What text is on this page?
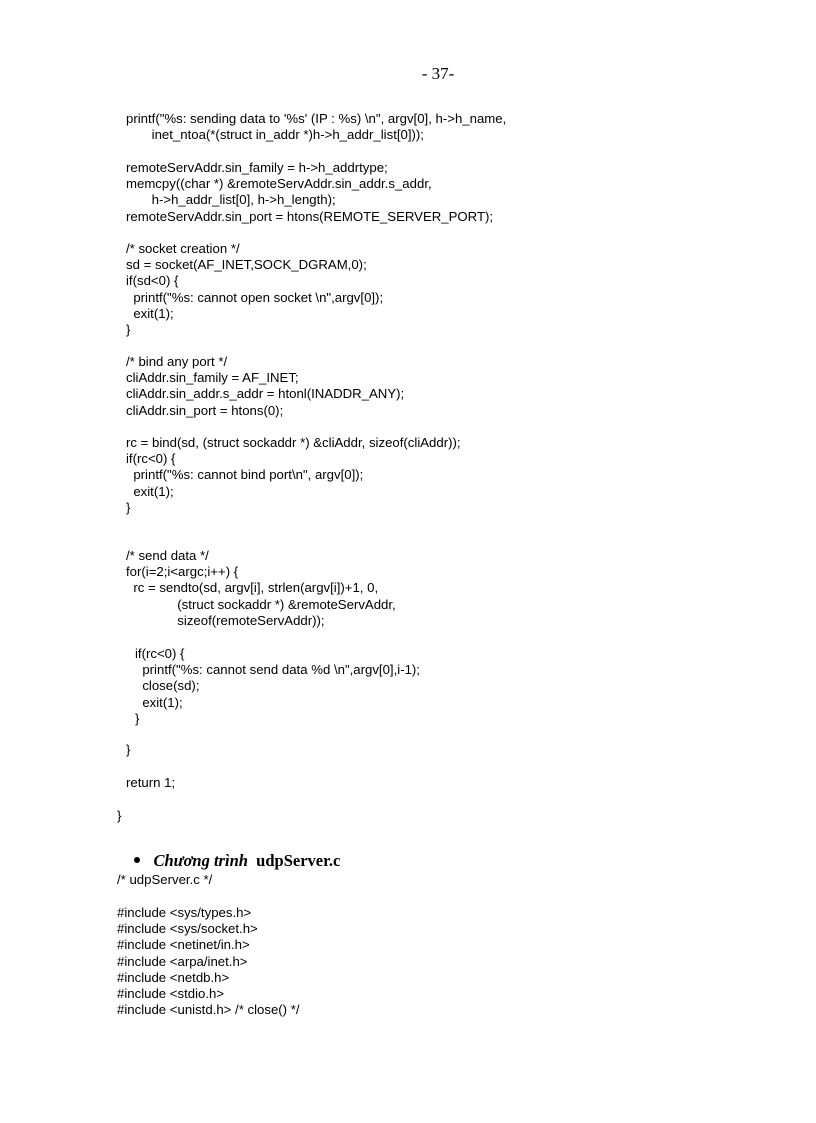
- 37-
printf("%s: sending data to '%s' (IP : %s) \n", argv[0], h->h_name,
inet_ntoa(*(struct in_addr *)h->h_addr_list[0]));
remoteServAddr.sin_family = h->h_addrtype;
memcpy((char *) &remoteServAddr.sin_addr.s_addr,
h->h_addr_list[0], h->h_length);
remoteServAddr.sin_port = htons(REMOTE_SERVER_PORT);
/* socket creation */
sd = socket(AF_INET,SOCK_DGRAM,0);
if(sd<0) {
printf("%s: cannot open socket \n",argv[0]);
exit(1);
}
/* bind any port */
cliAddr.sin_family = AF_INET;
cliAddr.sin_addr.s_addr = htonl(INADDR_ANY);
cliAddr.sin_port = htons(0);
rc = bind(sd, (struct sockaddr *) &cliAddr, sizeof(cliAddr));
if(rc<0) {
printf("%s: cannot bind port\n", argv[0]);
exit(1);
}
/* send data */
for(i=2;i<argc;i++) {
rc = sendto(sd, argv[i], strlen(argv[i])+1, 0,
(struct sockaddr *) &remoteServAddr,
sizeof(remoteServAddr));
if(rc<0) {
printf("%s: cannot send data %d \n",argv[0],i-1);
close(sd);
exit(1);
}
}
return 1;
}

Chương trình udpServer.c

/* udpServer.c */
#include <sys/types.h>
#include <sys/socket.h>
#include <netinet/in.h>
#include <arpa/inet.h>
#include <netdb.h>
#include <stdio.h>
#include <unistd.h> /* close() */
